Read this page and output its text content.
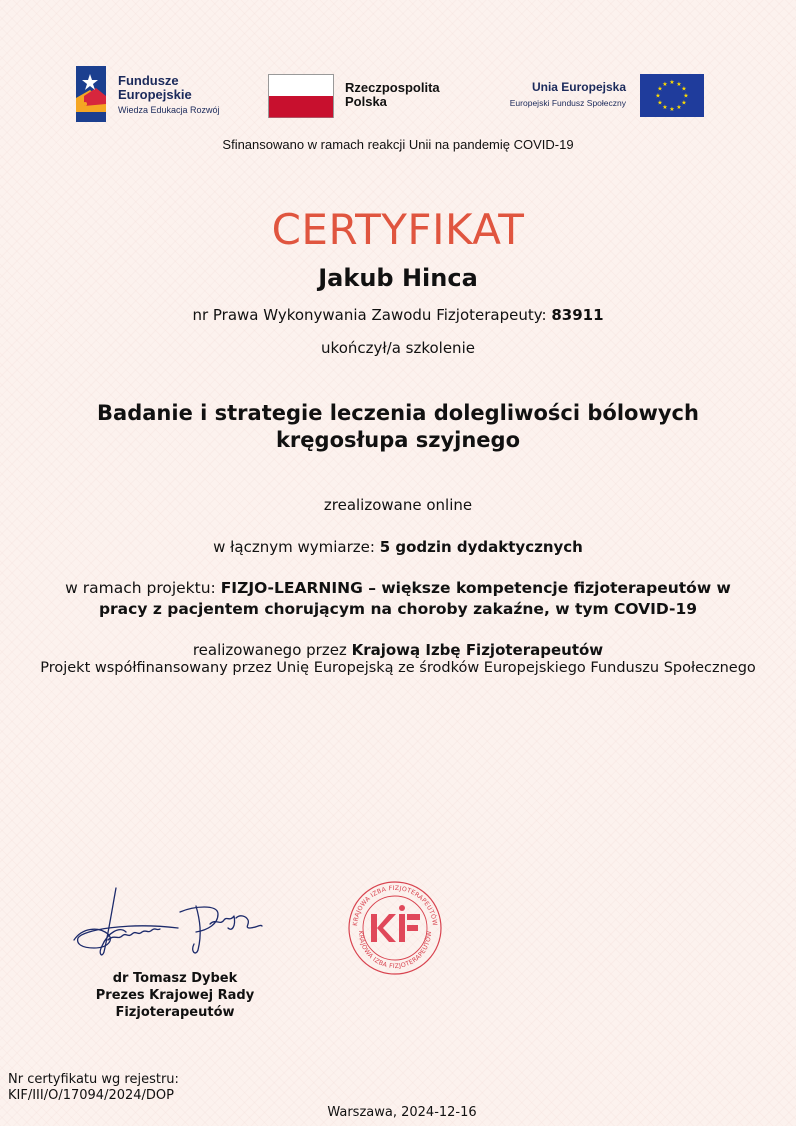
Fundusze
Europejskie
Wiedza Edukacja Rozwój
Rzeczpospolita
Polska
Unia Europejska
Europejski Fundusz Społeczny
★ ★
★
★
★
★
★
★
★
★
★
★
Sfinansowano w ramach reakcji Unii na pandemię COVID-19
CERTYFIKAT
Jakub Hinca
nr Prawa Wykonywania Zawodu Fizjoterapeuty: 83911
ukończył/a szkolenie
Badanie i strategie leczenia dolegliwości bólowych
kręgosłupa szyjnego
zrealizowane online
w łącznym wymiarze: 5 godzin dydaktycznych
w ramach projektu: FIZJO-LEARNING – większe kompetencje fizjoterapeutów w
pracy z pacjentem chorującym na choroby zakaźne, w tym COVID-19
realizowanego przez Krajową Izbę Fizjoterapeutów
Projekt współfinansowany przez Unię Europejską ze środków Europejskiego Funduszu Społecznego
dr Tomasz Dybek
Prezes Krajowej Rady
Fizjoterapeutów
KRAJOWA IZBA FIZJOTERAPEUTÓW
KRAJOWA IZBA FIZJOTERAPEUTÓW
Nr certyfikatu wg rejestru:
KIF/III/O/17094/2024/DOP
Warszawa, 2024-12-16
